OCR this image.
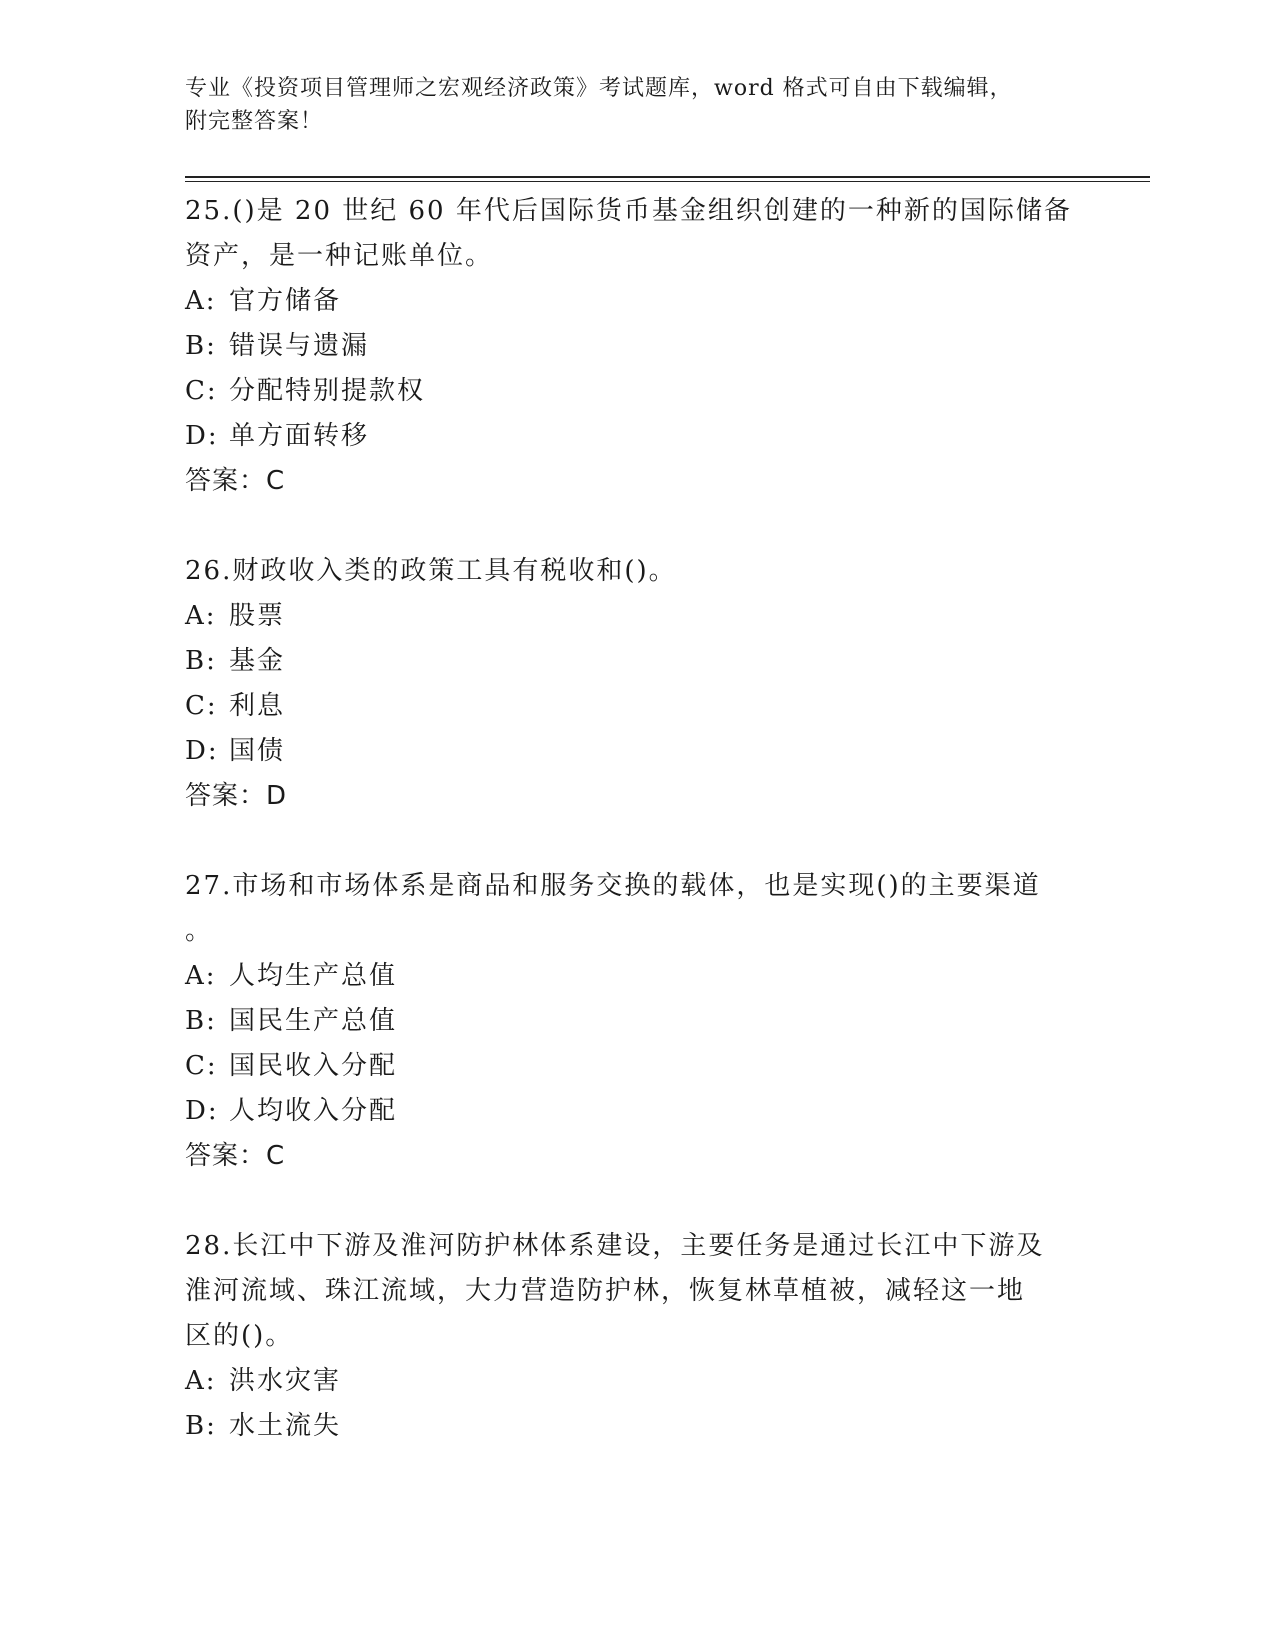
专业《投资项目管理师之宏观经济政策》考试题库，word 格式可自由下载编辑，
附完整答案！

25.()是 20 世纪 60 年代后国际货币基金组织创建的一种新的国际储备

资产，是一种记账单位。

A: 官方储备

B: 错误与遗漏

C: 分配特别提款权

D: 单方面转移

答案：C

26.财政收入类的政策工具有税收和()。

A: 股票

B: 基金

C: 利息

D: 国债

答案：D

27.市场和市场体系是商品和服务交换的载体，也是实现()的主要渠道

。

A: 人均生产总值

B: 国民生产总值

C: 国民收入分配

D: 人均收入分配

答案：C

28.长江中下游及淮河防护林体系建设，主要任务是通过长江中下游及

淮河流域、珠江流域，大力营造防护林，恢复林草植被，减轻这一地

区的()。

A: 洪水灾害

B: 水土流失
